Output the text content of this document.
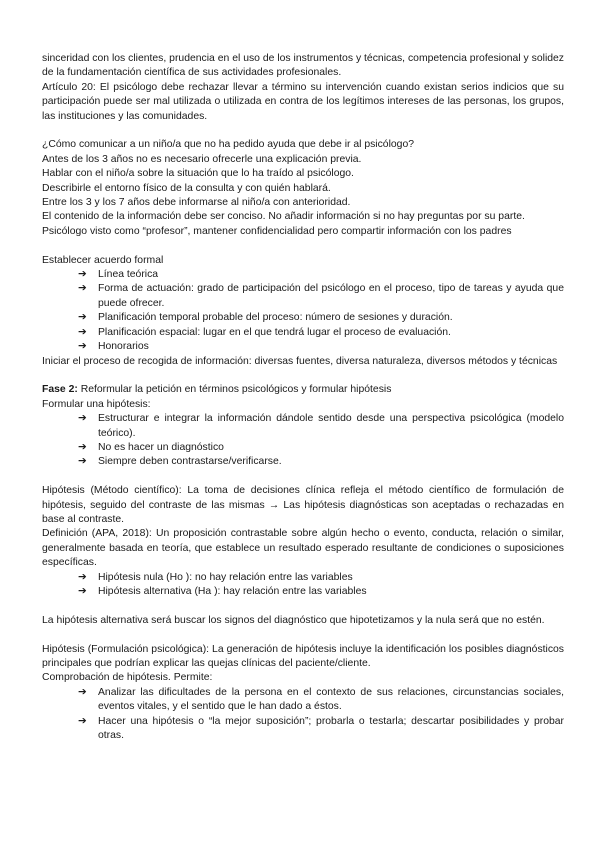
sinceridad con los clientes, prudencia en el uso de los instrumentos y técnicas, competencia profesional y solidez de la fundamentación científica de sus actividades profesionales.

Artículo 20: El psicólogo debe rechazar llevar a término su intervención cuando existan serios indicios que su participación puede ser mal utilizada o utilizada en contra de los legítimos intereses de las personas, los grupos, las instituciones y las comunidades.

¿Cómo comunicar a un niño/a que no ha pedido ayuda que debe ir al psicólogo?

Antes de los 3 años no es necesario ofrecerle una explicación previa.

Hablar con el niño/a sobre la situación que lo ha traído al psicólogo.

Describirle el entorno físico de la consulta y con quién hablará.

Entre los 3 y los 7 años debe informarse al niño/a con anterioridad.

El contenido de la información debe ser conciso. No añadir información si no hay preguntas por su parte.

Psicólogo visto como “profesor”, mantener confidencialidad pero compartir información con los padres

Establecer acuerdo formal

➔	Línea teórica
➔	Forma de actuación: grado de participación del psicólogo en el proceso, tipo de tareas y ayuda que puede ofrecer.
➔	Planificación temporal probable del proceso: número de sesiones y duración.
➔	Planificación espacial: lugar en el que tendrá lugar el proceso de evaluación.
➔	Honorarios

Iniciar el proceso de recogida de información: diversas fuentes, diversa naturaleza, diversos métodos y técnicas

Fase 2: Reformular la petición en términos psicológicos y formular hipótesis

Formular una hipótesis:

➔	Estructurar e integrar la información dándole sentido desde una perspectiva psicológica (modelo teórico).
➔	No es hacer un diagnóstico
➔	Siempre deben contrastarse/verificarse.

Hipótesis (Método científico): La toma de decisiones clínica refleja el método científico de formulación de hipótesis, seguido del contraste de las mismas → Las hipótesis diagnósticas son aceptadas o rechazadas en base al contraste.

Definición (APA, 2018): Un proposición contrastable sobre algún hecho o evento, conducta, relación o similar, generalmente basada en teoría, que establece un resultado esperado resultante de condiciones o suposiciones específicas.

➔	Hipótesis nula (Ho ): no hay relación entre las variables
➔	Hipótesis alternativa (Ha ): hay relación entre las variables

La hipótesis alternativa será buscar los signos del diagnóstico que hipotetizamos y la nula será que no estén.

Hipótesis (Formulación psicológica): La generación de hipótesis incluye la identificación los posibles diagnósticos principales que podrían explicar las quejas clínicas del paciente/cliente.

Comprobación de hipótesis. Permite:

➔	Analizar las dificultades de la persona en el contexto de sus relaciones, circunstancias sociales, eventos vitales, y el sentido que le han dado a éstos.
➔	Hacer una hipótesis o “la mejor suposición”; probarla o testarla; descartar posibilidades y probar otras.
